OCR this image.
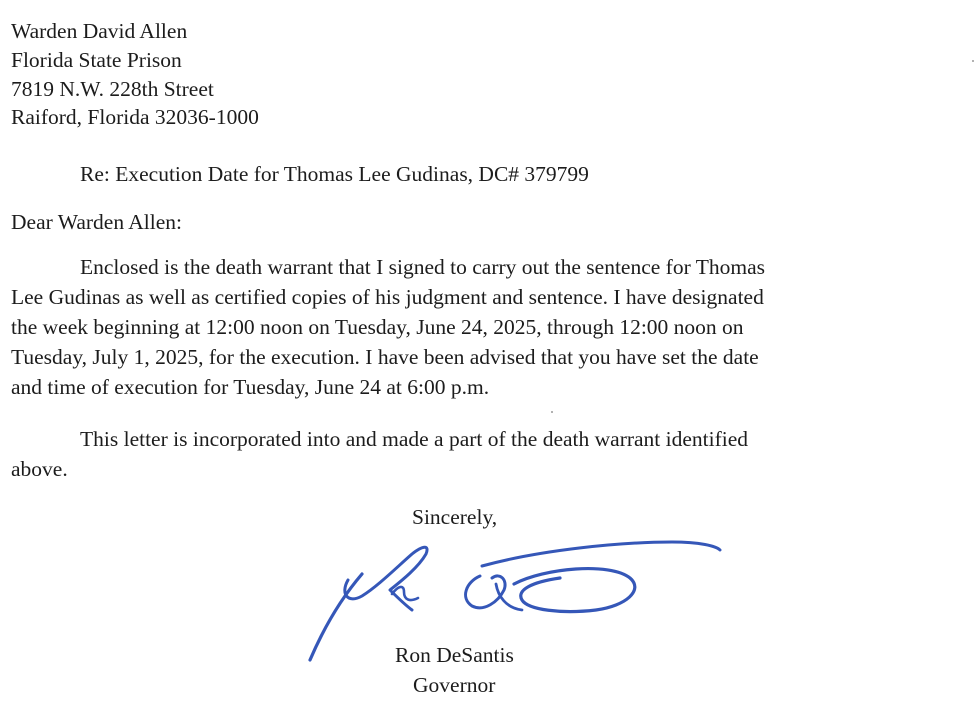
Warden David Allen

Florida State Prison

7819 N.W. 228th Street

Raiford, Florida 32036-1000

Re: Execution Date for Thomas Lee Gudinas, DC# 379799

Dear Warden Allen:

Enclosed is the death warrant that I signed to carry out the sentence for Thomas
Lee Gudinas as well as certified copies of his judgment and sentence. I have designated
the week beginning at 12:00 noon on Tuesday, June 24, 2025, through 12:00 noon on
Tuesday, July 1, 2025, for the execution. I have been advised that you have set the date
and time of execution for Tuesday, June 24 at 6:00 p.m.

This letter is incorporated into and made a part of the death warrant identified
above.

Sincerely,

Ron DeSantis

Governor
